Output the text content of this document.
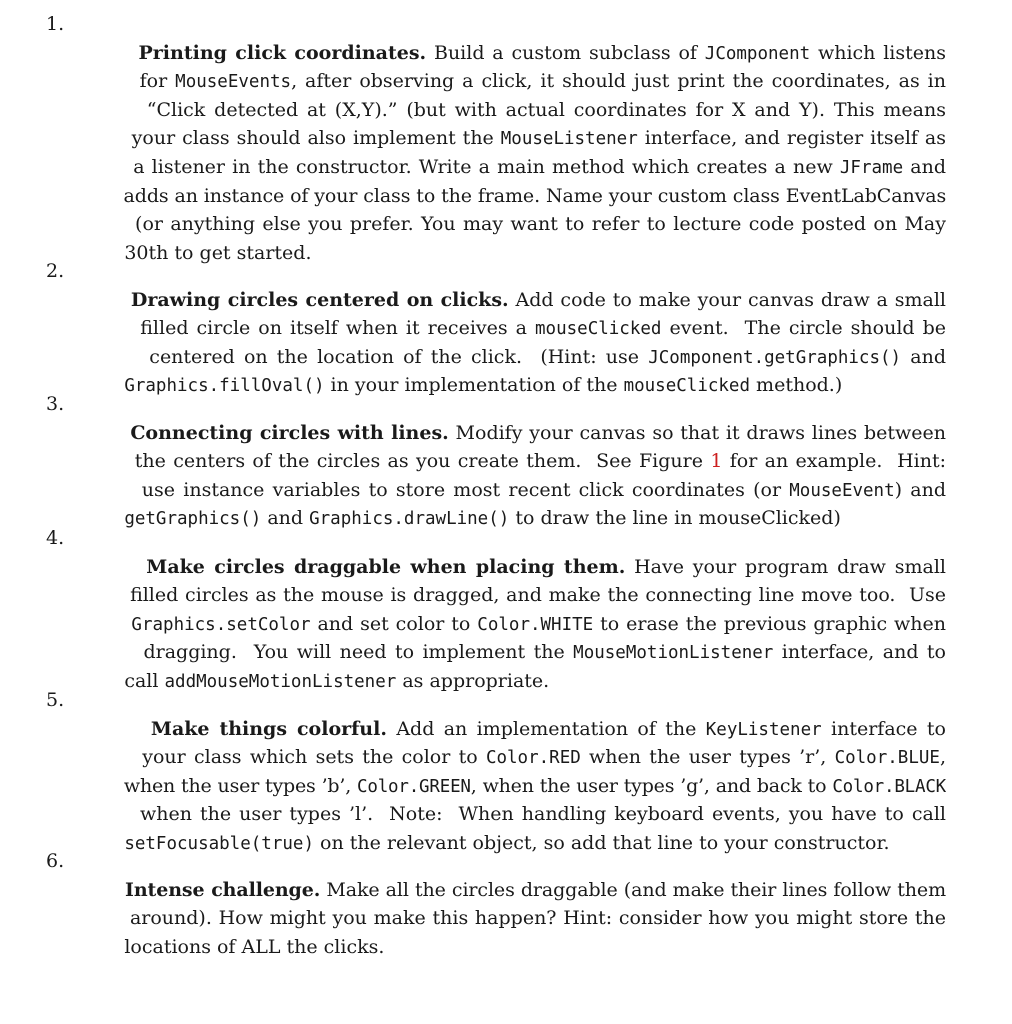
1.

Printing click coordinates. Build a custom subclass of JComponent which listens

for MouseEvents, after observing a click, it should just print the coordinates, as in

“Click detected at (X,Y).” (but with actual coordinates for X and Y). This means

your class should also implement the MouseListener interface, and register itself as

a listener in the constructor. Write a main method which creates a new JFrame and

adds an instance of your class to the frame. Name your custom class EventLabCanvas

(or anything else you prefer. You may want to refer to lecture code posted on May

30th to get started.

2.

Drawing circles centered on clicks. Add code to make your canvas draw a small

filled circle on itself when it receives a mouseClicked event.  The circle should be

centered on the location of the click.  (Hint: use JComponent.getGraphics() and

Graphics.fillOval() in your implementation of the mouseClicked method.)

3.

Connecting circles with lines. Modify your canvas so that it draws lines between

the centers of the circles as you create them.  See Figure 1 for an example.  Hint:

use instance variables to store most recent click coordinates (or MouseEvent) and

getGraphics() and Graphics.drawLine() to draw the line in mouseClicked)

4.

Make circles draggable when placing them. Have your program draw small

filled circles as the mouse is dragged, and make the connecting line move too.  Use

Graphics.setColor and set color to Color.WHITE to erase the previous graphic when

dragging.  You will need to implement the MouseMotionListener interface, and to

call addMouseMotionListener as appropriate.

5.

Make things colorful. Add an implementation of the KeyListener interface to

your class which sets the color to Color.RED when the user types ’r’, Color.BLUE,

when the user types ’b’, Color.GREEN, when the user types ’g’, and back to Color.BLACK

when the user types ’l’.  Note:  When handling keyboard events, you have to call

setFocusable(true) on the relevant object, so add that line to your constructor.

6.

Intense challenge. Make all the circles draggable (and make their lines follow them

around). How might you make this happen? Hint: consider how you might store the

locations of ALL the clicks.
